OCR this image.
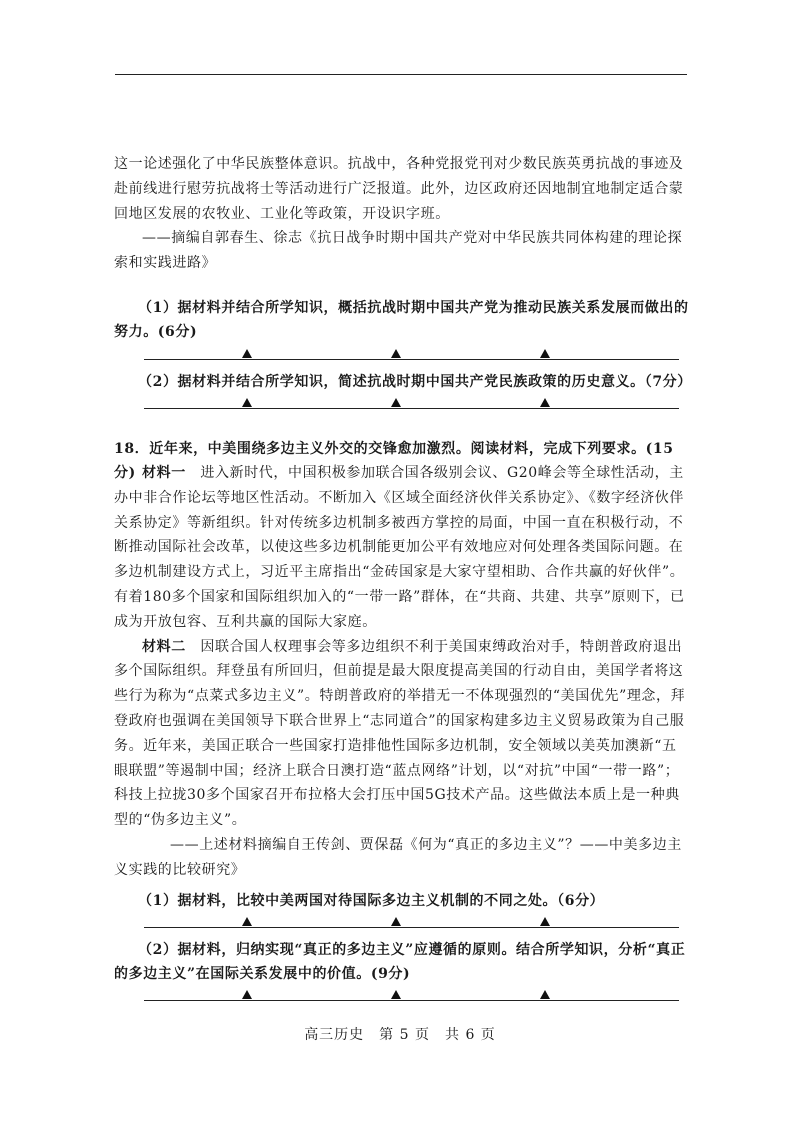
这一论述强化了中华民族整体意识。抗战中，各种党报党刊对少数民族英勇抗战的事迹及赴前线进行慰劳抗战将士等活动进行广泛报道。此外，边区政府还因地制宜地制定适合蒙回地区发展的农牧业、工业化等政策，开设识字班。

——摘编自郭春生、徐志《抗日战争时期中国共产党对中华民族共同体构建的理论探索和实践进路》

（1）据材料并结合所学知识，概括抗战时期中国共产党为推动民族关系发展而做出的努力。(6分)
（2）据材料并结合所学知识，简述抗战时期中国共产党民族政策的历史意义。（7分）
18．近年来，中美围绕多边主义外交的交锋愈加激烈。阅读材料，完成下列要求。(15分) 材料一　进入新时代，中国积极参加联合国各级别会议、G20峰会等全球性活动，主办中非合作论坛等地区性活动。不断加入《区域全面经济伙伴关系协定》、《数字经济伙伴关系协定》等新组织。针对传统多边机制多被西方掌控的局面，中国一直在积极行动，不断推动国际社会改革，以使这些多边机制能更加公平有效地应对何处理各类国际问题。在多边机制建设方式上，习近平主席指出“金砖国家是大家守望相助、合作共赢的好伙伴”。有着180多个国家和国际组织加入的“一带一路”群体，在“共商、共建、共享”原则下，已成为开放包容、互利共赢的国际大家庭。

材料二　因联合国人权理事会等多边组织不利于美国束缚政治对手，特朗普政府退出多个国际组织。拜登虽有所回归，但前提是最大限度提高美国的行动自由，美国学者将这些行为称为“点菜式多边主义”。特朗普政府的举措无一不体现强烈的“美国优先”理念，拜登政府也强调在美国领导下联合世界上“志同道合”的国家构建多边主义贸易政策为自己服务。近年来，美国正联合一些国家打造排他性国际多边机制，安全领域以美英加澳新“五眼联盟”等遏制中国；经济上联合日澳打造“蓝点网络”计划，以“对抗”中国“一带一路”；科技上拉拢30多个国家召开布拉格大会打压中国5G技术产品。这些做法本质上是一种典型的“伪多边主义”。

——上述材料摘编自王传剑、贾保磊《何为“真正的多边主义”？——中美多边主义实践的比较研究》

（1）据材料，比较中美两国对待国际多边主义机制的不同之处。（6分）
（2）据材料，归纳实现“真正的多边主义”应遵循的原则。结合所学知识，分析“真正的多边主义”在国际关系发展中的价值。(9分)
高三历史　第 5 页　共 6 页
